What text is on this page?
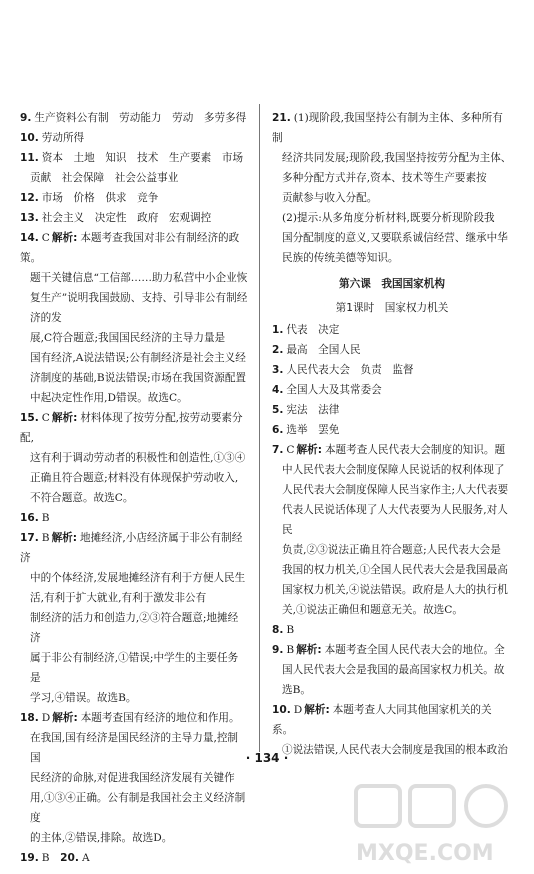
9. 生产资料公有制　劳动能力　劳动　多劳多得
10. 劳动所得
11. 资本　土地　知识　技术　生产要素　市场
贡献　社会保障　社会公益事业
12. 市场　价格　供求　竞争
13. 社会主义　决定性　政府　宏观调控
14. C 解析: 本题考查我国对非公有制经济的政策。
题干关键信息“工信部……助力私营中小企业恢
复生产”说明我国鼓励、支持、引导非公有制经济的发
展,C符合题意;我国国民经济的主导力量是
国有经济,A说法错误;公有制经济是社会主义经
济制度的基础,B说法错误;市场在我国资源配置
中起决定性作用,D错误。故选C。
15. C 解析: 材料体现了按劳分配,按劳动要素分配,
这有利于调动劳动者的积极性和创造性,①③④
正确且符合题意;材料没有体现保护劳动收入,
不符合题意。故选C。
16. B
17. B 解析: 地摊经济,小店经济属于非公有制经济
中的个体经济,发展地摊经济有利于方便人民生
活,有利于扩大就业,有利于激发非公有
制经济的活力和创造力,②③符合题意;地摊经济
属于非公有制经济,①错误;中学生的主要任务是
学习,④错误。故选B。
18. D 解析: 本题考查国有经济的地位和作用。
在我国,国有经济是国民经济的主导力量,控制国
民经济的命脉,对促进我国经济发展有关键作
用,①③④正确。公有制是我国社会主义经济制度
的主体,②错误,排除。故选D。
19. B　20. A
21. (1)现阶段,我国坚持公有制为主体、多种所有制
经济共同发展;现阶段,我国坚持按劳分配为主体、
多种分配方式并存,资本、技术等生产要素按
贡献参与收入分配。
(2)提示:从多角度分析材料,既要分析现阶段我
国分配制度的意义,又要联系诚信经营、继承中华
民族的传统美德等知识。
第六课　我国国家机构
第1课时　国家权力机关
1. 代表　决定
2. 最高　全国人民
3. 人民代表大会　负责　监督
4. 全国人大及其常委会
5. 宪法　法律
6. 选举　罢免
7. C 解析: 本题考查人民代表大会制度的知识。题
中人民代表大会制度保障人民说话的权利体现了
人民代表大会制度保障人民当家作主;人大代表要
代表人民说话体现了人大代表要为人民服务,对人民
负责,②③说法正确且符合题意;人民代表大会是
我国的权力机关,①全国人民代表大会是我国最高
国家权力机关,④说法错误。政府是人大的执行机
关,①说法正确但和题意无关。故选C。
8. B
9. B 解析: 本题考查全国人民代表大会的地位。全
国人民代表大会是我国的最高国家权力机关。故
选B。
10. D 解析: 本题考查人大同其他国家机关的关系。
①说法错误,人民代表大会制度是我国的根本政治
· 134 ·
MXQE.COM
